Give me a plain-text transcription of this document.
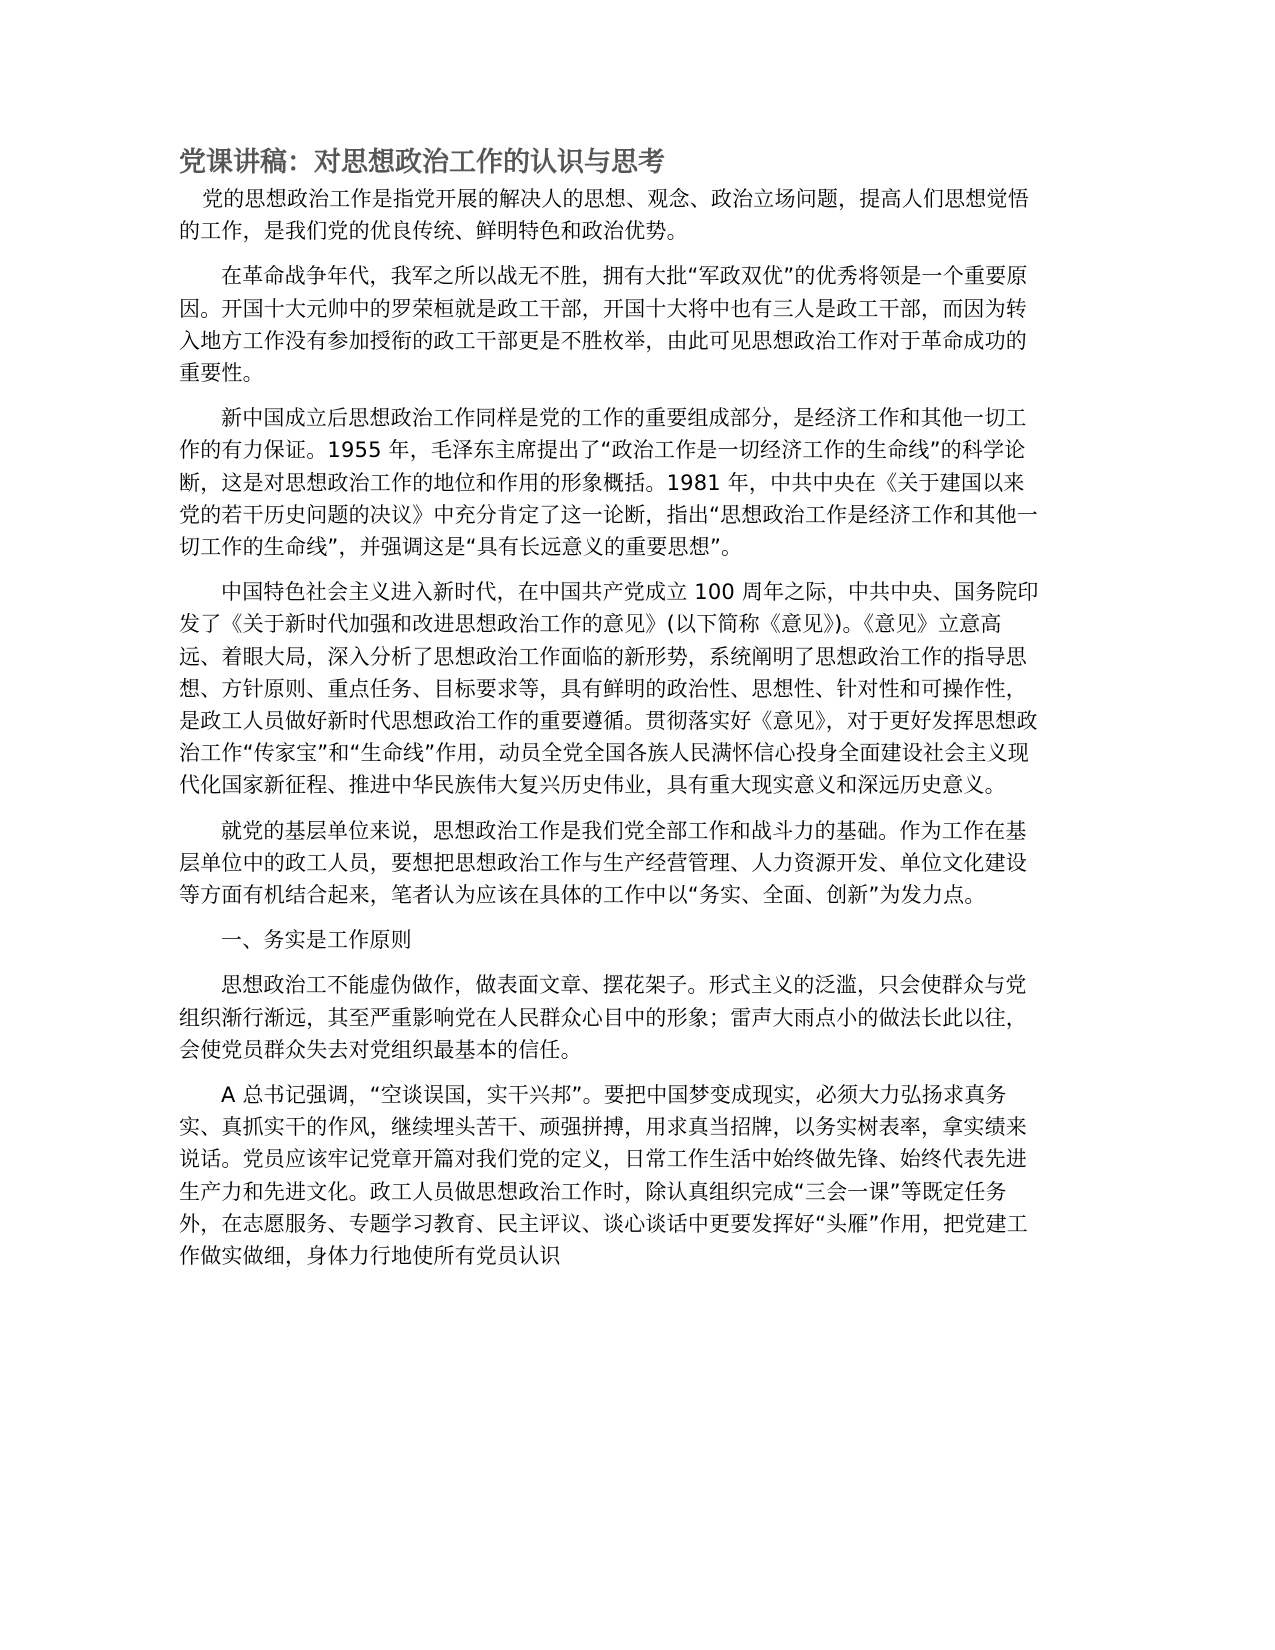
党课讲稿：对思想政治工作的认识与思考

党的思想政治工作是指党开展的解决人的思想、观念、政治立场问题，提高人们思想觉悟的工作，是我们党的优良传统、鲜明特色和政治优势。

在革命战争年代，我军之所以战无不胜，拥有大批“军政双优”的优秀将领是一个重要原因。开国十大元帅中的罗荣桓就是政工干部，开国十大将中也有三人是政工干部，而因为转入地方工作没有参加授衔的政工干部更是不胜枚举，由此可见思想政治工作对于革命成功的重要性。

新中国成立后思想政治工作同样是党的工作的重要组成部分，是经济工作和其他一切工作的有力保证。1955 年，毛泽东主席提出了“政治工作是一切经济工作的生命线”的科学论断，这是对思想政治工作的地位和作用的形象概括。1981 年，中共中央在《关于建国以来党的若干历史问题的决议》中充分肯定了这一论断，指出“思想政治工作是经济工作和其他一切工作的生命线”，并强调这是“具有长远意义的重要思想”。

中国特色社会主义进入新时代，在中国共产党成立 100 周年之际，中共中央、国务院印发了《关于新时代加强和改进思想政治工作的意见》(以下简称《意见》)。《意见》立意高远、着眼大局，深入分析了思想政治工作面临的新形势，系统阐明了思想政治工作的指导思想、方针原则、重点任务、目标要求等，具有鲜明的政治性、思想性、针对性和可操作性，是政工人员做好新时代思想政治工作的重要遵循。贯彻落实好《意见》，对于更好发挥思想政治工作“传家宝”和“生命线”作用，动员全党全国各族人民满怀信心投身全面建设社会主义现代化国家新征程、推进中华民族伟大复兴历史伟业，具有重大现实意义和深远历史意义。

就党的基层单位来说，思想政治工作是我们党全部工作和战斗力的基础。作为工作在基层单位中的政工人员，要想把思想政治工作与生产经营管理、人力资源开发、单位文化建设等方面有机结合起来，笔者认为应该在具体的工作中以“务实、全面、创新”为发力点。

一、务实是工作原则

思想政治工不能虚伪做作，做表面文章、摆花架子。形式主义的泛滥，只会使群众与党组织渐行渐远，其至严重影响党在人民群众心目中的形象；雷声大雨点小的做法长此以往，会使党员群众失去对党组织最基本的信任。

A 总书记强调，“空谈误国，实干兴邦”。要把中国梦变成现实，必须大力弘扬求真务实、真抓实干的作风，继续埋头苦干、顽强拼搏，用求真当招牌，以务实树表率，拿实绩来说话。党员应该牢记党章开篇对我们党的定义，日常工作生活中始终做先锋、始终代表先进生产力和先进文化。政工人员做思想政治工作时，除认真组织完成“三会一课”等既定任务外，在志愿服务、专题学习教育、民主评议、谈心谈话中更要发挥好“头雁”作用，把党建工作做实做细，身体力行地使所有党员认识
